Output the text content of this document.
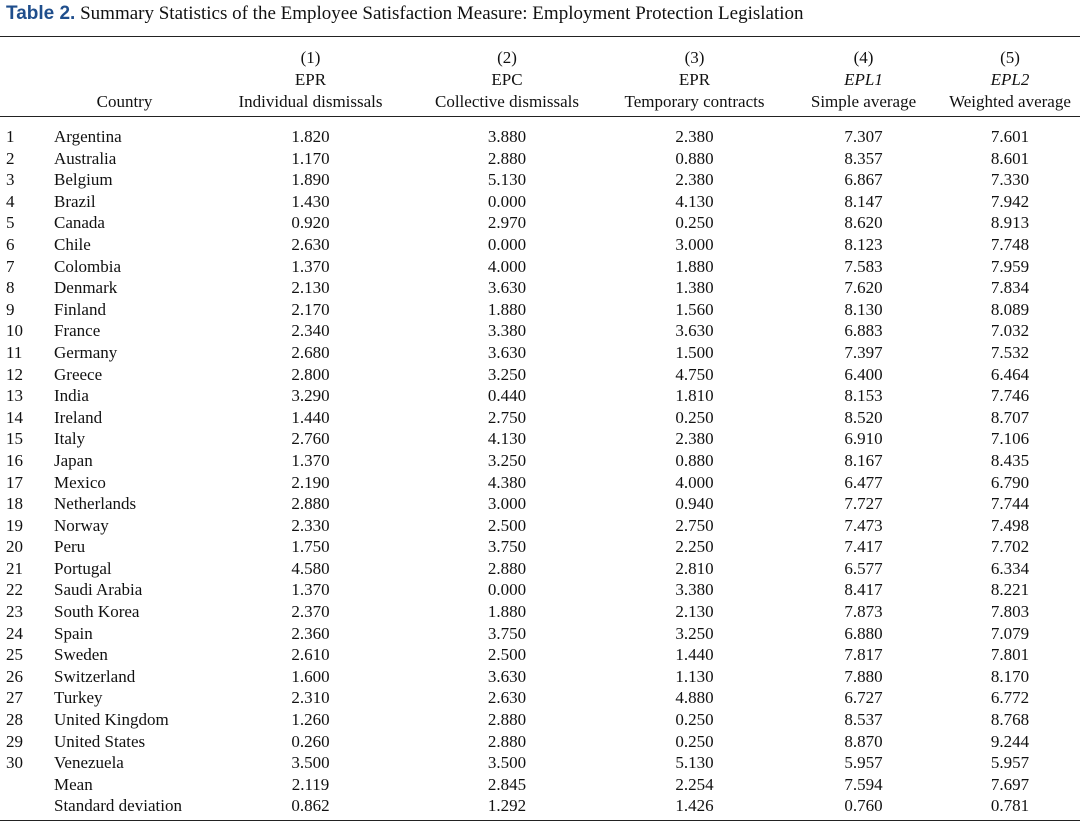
Table 2. Summary Statistics of the Employee Satisfaction Measure: Employment Protection Legislation
		(1)	(2)	(3)	(4)	(5)
		EPR	EPC	EPR	EPL1	EPL2
Country		Individual dismissals	Collective dismissals	Temporary contracts	Simple average	Weighted average
1	Argentina	1.820	3.880	2.380	7.307	7.601
2	Australia	1.170	2.880	0.880	8.357	8.601
3	Belgium	1.890	5.130	2.380	6.867	7.330
4	Brazil	1.430	0.000	4.130	8.147	7.942
5	Canada	0.920	2.970	0.250	8.620	8.913
6	Chile	2.630	0.000	3.000	8.123	7.748
7	Colombia	1.370	4.000	1.880	7.583	7.959
8	Denmark	2.130	3.630	1.380	7.620	7.834
9	Finland	2.170	1.880	1.560	8.130	8.089
10	France	2.340	3.380	3.630	6.883	7.032
11	Germany	2.680	3.630	1.500	7.397	7.532
12	Greece	2.800	3.250	4.750	6.400	6.464
13	India	3.290	0.440	1.810	8.153	7.746
14	Ireland	1.440	2.750	0.250	8.520	8.707
15	Italy	2.760	4.130	2.380	6.910	7.106
16	Japan	1.370	3.250	0.880	8.167	8.435
17	Mexico	2.190	4.380	4.000	6.477	6.790
18	Netherlands	2.880	3.000	0.940	7.727	7.744
19	Norway	2.330	2.500	2.750	7.473	7.498
20	Peru	1.750	3.750	2.250	7.417	7.702
21	Portugal	4.580	2.880	2.810	6.577	6.334
22	Saudi Arabia	1.370	0.000	3.380	8.417	8.221
23	South Korea	2.370	1.880	2.130	7.873	7.803
24	Spain	2.360	3.750	3.250	6.880	7.079
25	Sweden	2.610	2.500	1.440	7.817	7.801
26	Switzerland	1.600	3.630	1.130	7.880	8.170
27	Turkey	2.310	2.630	4.880	6.727	6.772
28	United Kingdom	1.260	2.880	0.250	8.537	8.768
29	United States	0.260	2.880	0.250	8.870	9.244
30	Venezuela	3.500	3.500	5.130	5.957	5.957
	Mean	2.119	2.845	2.254	7.594	7.697
	Standard deviation	0.862	1.292	1.426	0.760	0.781
